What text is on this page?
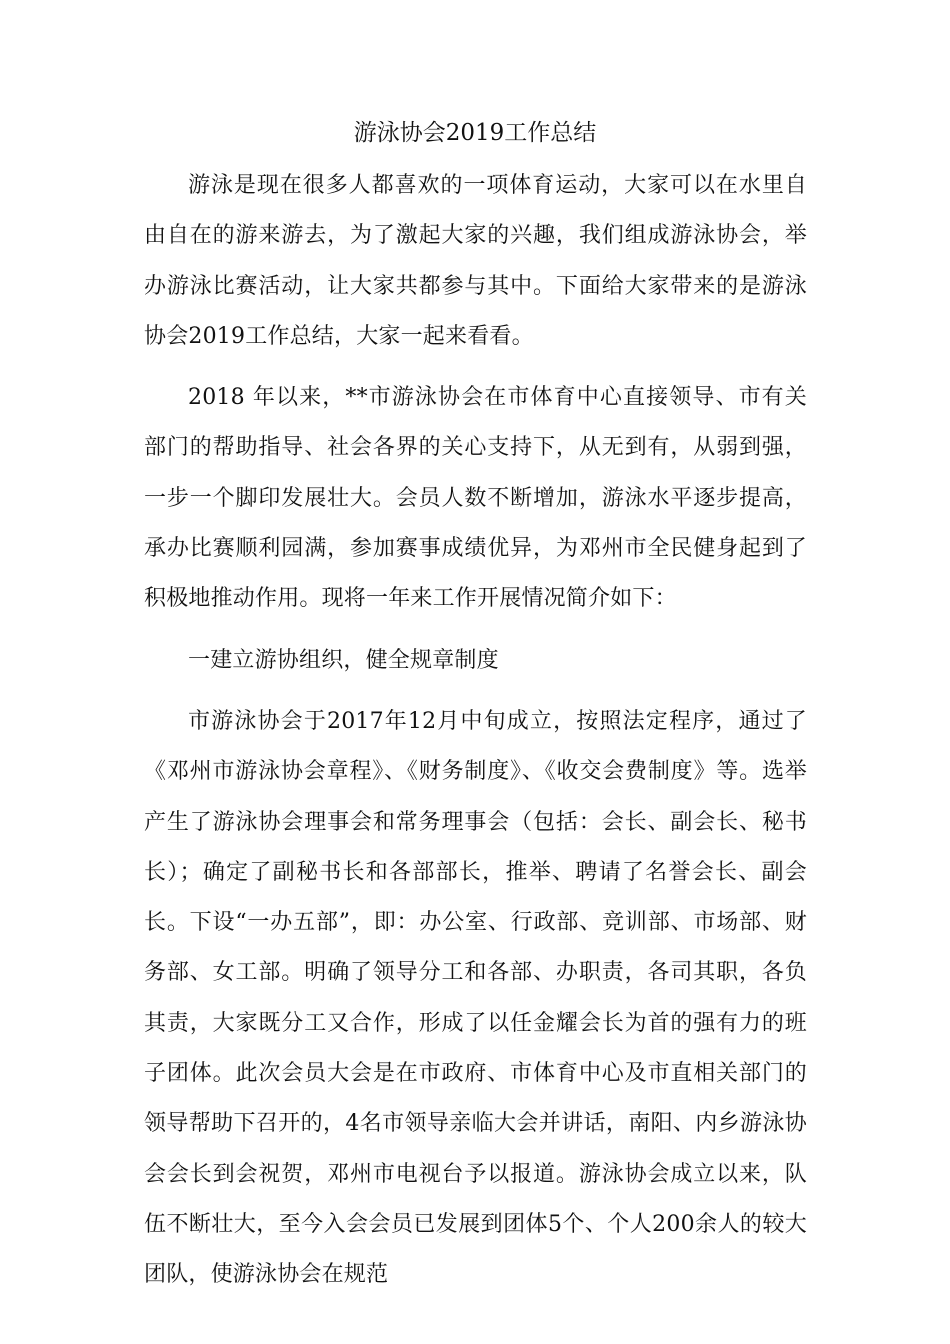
游泳协会2019工作总结

游泳是现在很多人都喜欢的一项体育运动，大家可以在水里自由自在的游来游去，为了激起大家的兴趣，我们组成游泳协会，举办游泳比赛活动，让大家共都参与其中。下面给大家带来的是游泳协会2019工作总结，大家一起来看看。

2018 年以来，**市游泳协会在市体育中心直接领导、市有关部门的帮助指导、社会各界的关心支持下，从无到有，从弱到强，一步一个脚印发展壮大。会员人数不断增加，游泳水平逐步提高，承办比赛顺利园满，参加赛事成绩优异，为邓州市全民健身起到了积极地推动作用。现将一年来工作开展情况简介如下：

一建立游协组织，健全规章制度

市游泳协会于2017年12月中旬成立，按照法定程序，通过了《邓州市游泳协会章程》、《财务制度》、《收交会费制度》等。选举产生了游泳协会理事会和常务理事会（包括：会长、副会长、秘书长）；确定了副秘书长和各部部长，推举、聘请了名誉会长、副会长。下设“一办五部”，即：办公室、行政部、竞训部、市场部、财务部、女工部。明确了领导分工和各部、办职责，各司其职，各负其责，大家既分工又合作，形成了以任金耀会长为首的强有力的班子团体。此次会员大会是在市政府、市体育中心及市直相关部门的领导帮助下召开的，4名市领导亲临大会并讲话，南阳、内乡游泳协会会长到会祝贺，邓州市电视台予以报道。游泳协会成立以来，队伍不断壮大，至今入会会员已发展到团体5个、个人200余人的较大团队，使游泳协会在规范
